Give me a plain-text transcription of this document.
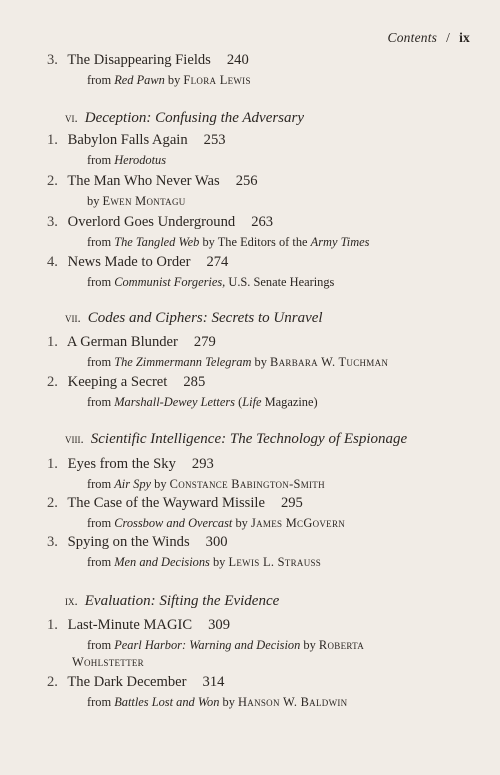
Contents / ix
3. The Disappearing Fields 240
from Red Pawn by Flora Lewis
vi. Deception: Confusing the Adversary
1. Babylon Falls Again 253
from Herodotus
2. The Man Who Never Was 256
by Ewen Montagu
3. Overlord Goes Underground 263
from The Tangled Web by The Editors of the Army Times
4. News Made to Order 274
from Communist Forgeries, U.S. Senate Hearings
vii. Codes and Ciphers: Secrets to Unravel
1. A German Blunder 279
from The Zimmermann Telegram by Barbara W. Tuchman
2. Keeping a Secret 285
from Marshall-Dewey Letters (Life Magazine)
viii. Scientific Intelligence: The Technology of Espionage
1. Eyes from the Sky 293
from Air Spy by Constance Babington-Smith
2. The Case of the Wayward Missile 295
from Crossbow and Overcast by James McGovern
3. Spying on the Winds 300
from Men and Decisions by Lewis L. Strauss
ix. Evaluation: Sifting the Evidence
1. Last-Minute MAGIC 309
from Pearl Harbor: Warning and Decision by Roberta
Wohlstetter
2. The Dark December 314
from Battles Lost and Won by Hanson W. Baldwin
